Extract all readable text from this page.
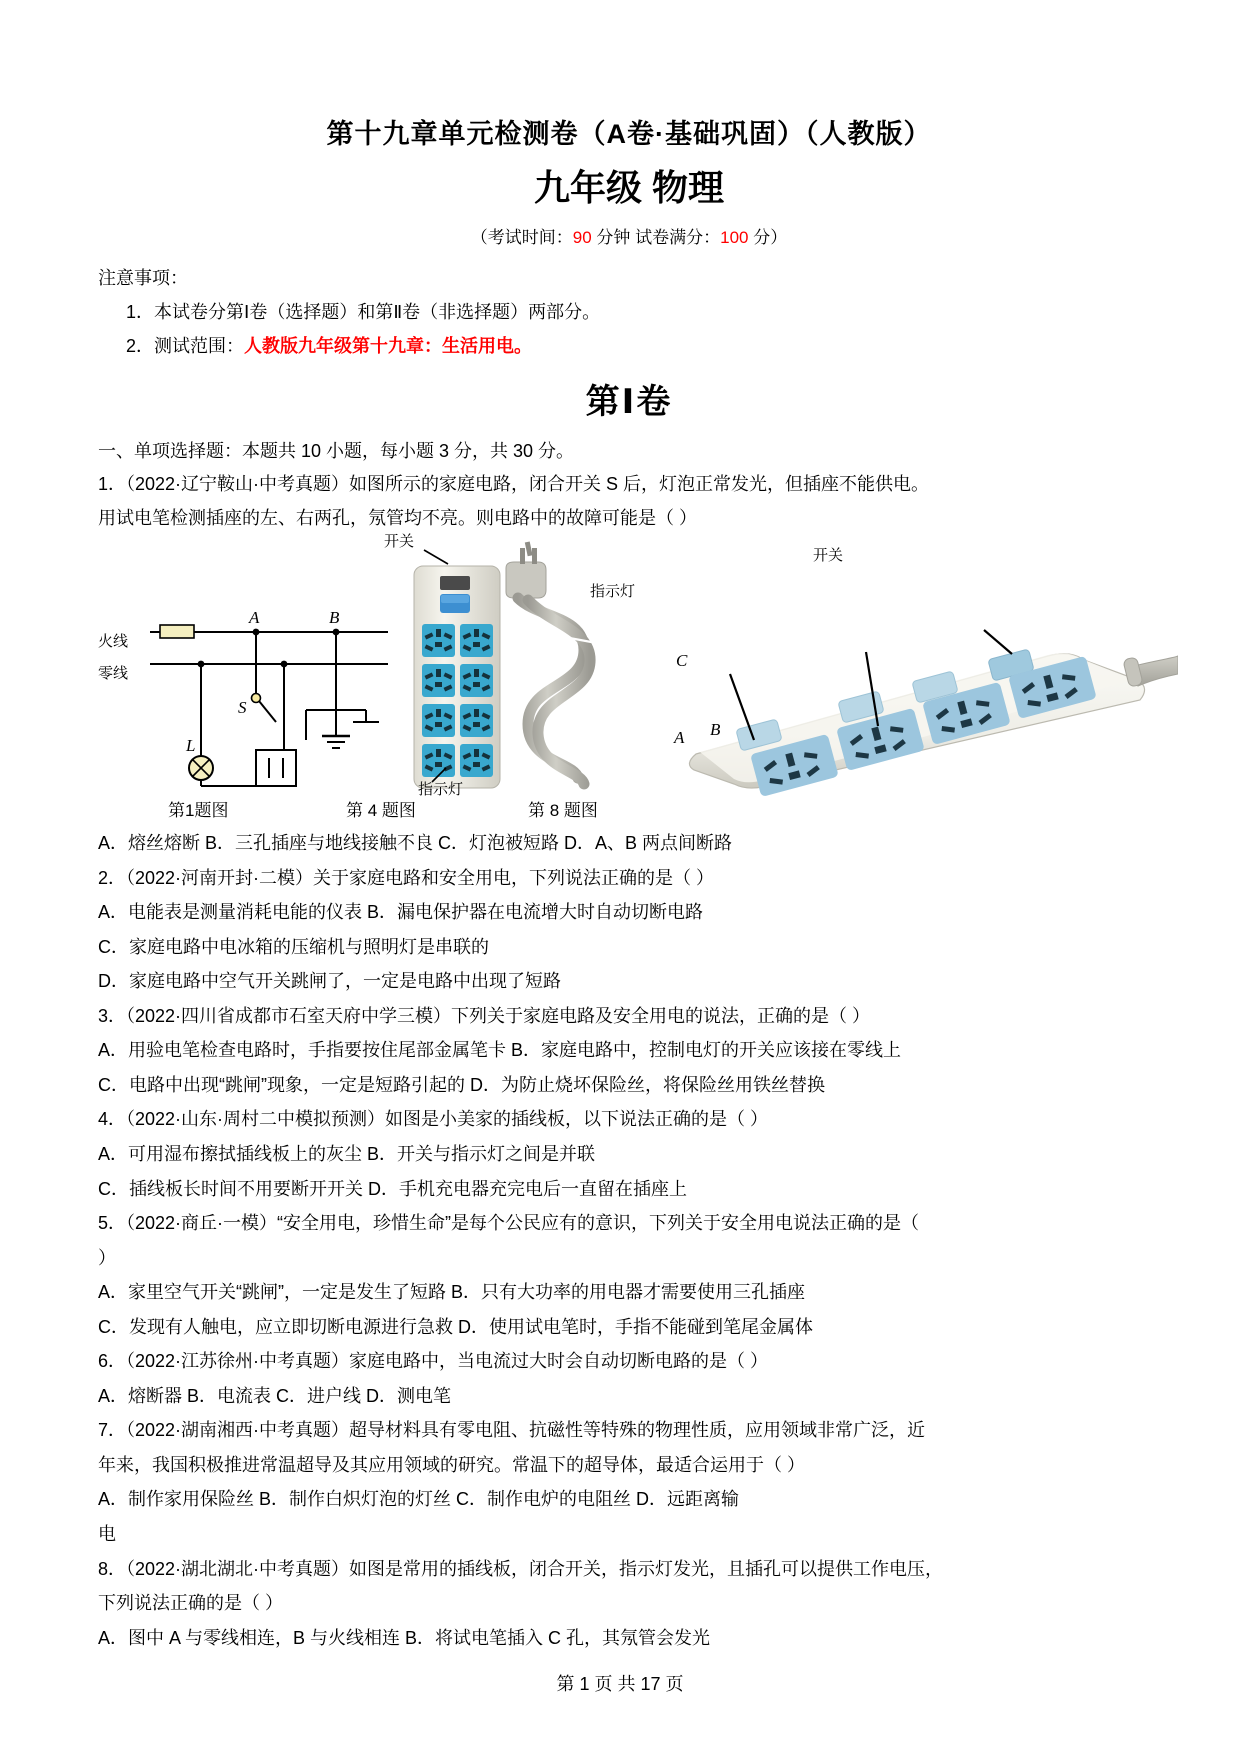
第十九章单元检测卷（A卷·基础巩固）（人教版）
九年级 物理
（考试时间：90 分钟 试卷满分：100 分）
注意事项：
1．本试卷分第Ⅰ卷（选择题）和第Ⅱ卷（非选择题）两部分。
2．测试范围：人教版九年级第十九章：生活用电。
第Ⅰ卷
一、单项选择题：本题共 10 小题，每小题 3 分，共 30 分。
1．（2022·辽宁鞍山·中考真题）如图所示的家庭电路，闭合开关 S 后，灯泡正常发光，但插座不能供电。
用试电笔检测插座的左、右两孔，氖管均不亮。则电路中的故障可能是（ ）
火线
零线
A	B
S
L
开关
指示灯
开关
指示灯
C
A B
第1题图	第 4 题图	第 8 题图
A．熔丝熔断 B．三孔插座与地线接触不良 C．灯泡被短路 D．A、B 两点间断路
2．（2022·河南开封·二模）关于家庭电路和安全用电，下列说法正确的是（ ）
A．电能表是测量消耗电能的仪表 B．漏电保护器在电流增大时自动切断电路
C．家庭电路中电冰箱的压缩机与照明灯是串联的
D．家庭电路中空气开关跳闸了，一定是电路中出现了短路
3．（2022·四川省成都市石室天府中学三模）下列关于家庭电路及安全用电的说法，正确的是（ ）
A．用验电笔检查电路时，手指要按住尾部金属笔卡 B．家庭电路中，控制电灯的开关应该接在零线上
C．电路中出现“跳闸”现象，一定是短路引起的 D．为防止烧坏保险丝，将保险丝用铁丝替换
4．（2022·山东·周村二中模拟预测）如图是小美家的插线板，以下说法正确的是（ ）
A．可用湿布擦拭插线板上的灰尘 B．开关与指示灯之间是并联
C．插线板长时间不用要断开开关 D．手机充电器充完电后一直留在插座上
5．（2022·商丘·一模）“安全用电，珍惜生命”是每个公民应有的意识，下列关于安全用电说法正确的是（
）
A．家里空气开关“跳闸”，一定是发生了短路 B．只有大功率的用电器才需要使用三孔插座
C．发现有人触电，应立即切断电源进行急救 D．使用试电笔时，手指不能碰到笔尾金属体
6．（2022·江苏徐州·中考真题）家庭电路中，当电流过大时会自动切断电路的是（ ）
A．熔断器 B．电流表 C．进户线 D．测电笔
7．（2022·湖南湘西·中考真题）超导材料具有零电阻、抗磁性等特殊的物理性质，应用领域非常广泛，近
年来，我国积极推进常温超导及其应用领域的研究。常温下的超导体，最适合运用于（ ）
A．制作家用保险丝 B．制作白炽灯泡的灯丝 C．制作电炉的电阻丝 D．远距离输
电
8．（2022·湖北湖北·中考真题）如图是常用的插线板，闭合开关，指示灯发光，且插孔可以提供工作电压，
下列说法正确的是（ ）
A．图中 A 与零线相连，B 与火线相连 B．将试电笔插入 C 孔，其氖管会发光
第 1 页 共 17 页
